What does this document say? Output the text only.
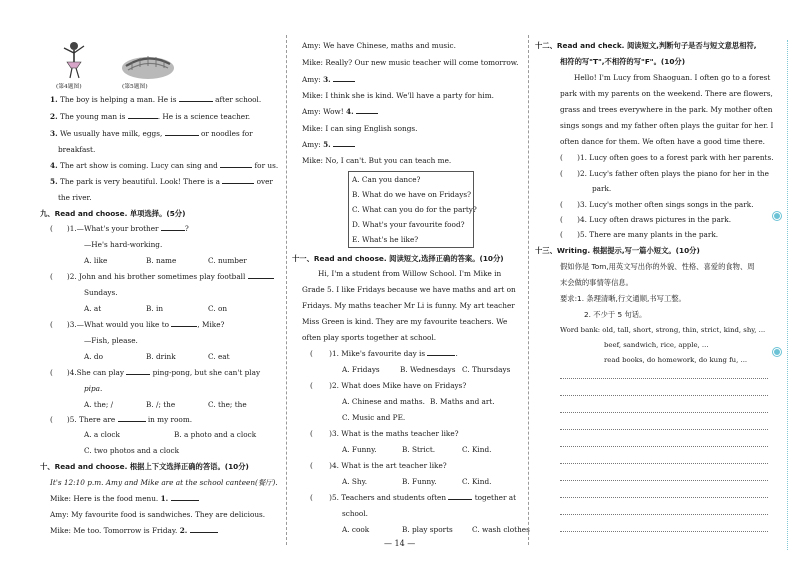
(第4题图)	(第5题图)
1. The boy is helping a man. He is	after school.
2. The young man is	. He is a science teacher.
3. We usually have milk, eggs,	or noodles for
breakfast.
4. The art show is coming. Lucy can sing and	for us.
5. The park is very beautiful. Look! There is a	over
the river.
九、Read and choose. 单项选择。(5分)
( )1.—What's your brother	?
—He's hard-working.
A. like	B. name	C. number
( )2. John and his brother sometimes play football
Sundays.
A. at	B. in	C. on
( )3.—What would you like to	, Mike?
—Fish, please.
A. do	B. drink	C. eat
( )4.She can play	ping-pong, but she can't play
pipa.
A. the; /	B. /; the	C. the; the
( )5. There are	in my room.
A. a clock	B. a photo and a clock
C. two photos and a clock
十、Read and choose. 根据上下文选择正确的答语。(10分)
It's 12:10 p.m. Amy and Mike are at the school canteen(餐厅).
Mike: Here is the food menu. 1.
Amy: My favourite food is sandwiches. They are delicious.
Mike: Me too. Tomorrow is Friday. 2.
Amy: We have Chinese, maths and music.
Mike: Really? Our new music teacher will come tomorrow.
Amy: 3.
Mike: I think she is kind. We'll have a party for him.
Amy: Wow! 4.
Mike: I can sing English songs.
Amy: 5.
Mike: No, I can't. But you can teach me.
A. Can you dance?
B. What do we have on Fridays?
C. What can you do for the party?
D. What's your favourite food?
E. What's he like?
十一、Read and choose. 阅读短文,选择正确的答案。(10分)
Hi, I'm a student from Willow School. I'm Mike in
Grade 5. I like Fridays because we have maths and art on
Fridays. My maths teacher Mr Li is funny. My art teacher
Miss Green is kind. They are my favourite teachers. We
often play sports together at school.
( )1. Mike's favourite day is	.
A. Fridays	B. Wednesdays C. Thursdays
( )2. What does Mike have on Fridays?
A. Chinese and maths. B. Maths and art.
C. Music and PE.
( )3. What is the maths teacher like?
A. Funny.	B. Strict.	C. Kind.
( )4. What is the art teacher like?
A. Shy.	B. Funny.	C. Kind.
( )5. Teachers and students often	together at
school.
A. cook	B. play sports	C. wash clothes
十二、Read and check. 阅读短文,判断句子是否与短文意思相符,
相符的写"T",不相符的写"F"。(10分)
Hello! I'm Lucy from Shaoguan. I often go to a forest
park with my parents on the weekend. There are flowers,
grass and trees everywhere in the park. My mother often
sings songs and my father often plays the guitar for her. I
often dance for them. We often have a good time there.
( )1. Lucy often goes to a forest park with her parents.
( )2. Lucy's father often plays the piano for her in the
park.
( )3. Lucy's mother often sings songs in the park.
( )4. Lucy often draws pictures in the park.
( )5. There are many plants in the park.
十三、Writing. 根据提示,写一篇小短文。(10分)
假如你是 Tom,用英文写出你的外貌、性格、喜爱的食物、周
末会做的事情等信息。
要求:1. 条理清晰,行文通顺,书写工整。
2. 不少于 5 句话。
Word bank: old, tall, short, strong, thin, strict, kind, shy, ...
beef, sandwich, rice, apple, ...
read books, do homework, do kung fu, ...
— 14 —
